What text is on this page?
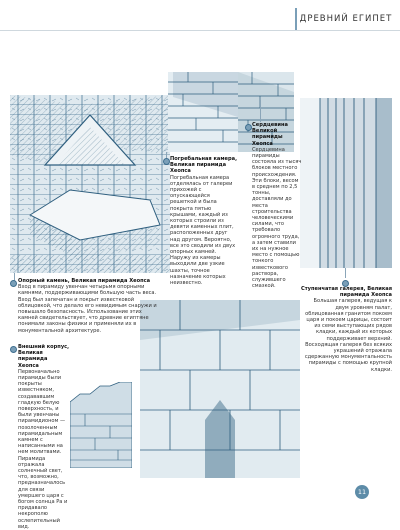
ДРЕВНИЙ ЕГИПЕТ
Опорный камень, Великая пирамида Хеопса
Вход в пирамиду увенчан четырьмя опорными камнями, поддерживающими большую часть веса. Вход был запечатан и покрыт известковой облицовкой, что делало его невидимым снаружи и повышало безопасность. Использование этих камней свидетельствует, что древние египтяне понимали законы физики и применяли их в монументальной архитектуре.
Внешний корпус, Великая пирамида Хеопса
Первоначально пирамиды были покрыты известняком, создававшим гладкую белую поверхность, и были увенчаны пирамидионом — позолоченным пирамидальным камнем с написанными на нем молитвами. Пирамида отражала солнечный свет, что, возможно, предназначалось для связи умершего царя с богом солнца Ра и придавало некрополю ослепительный вид.
Погребальная камера, Великая пирамида Хеопса
Погребальная камера отделялась от галереи прихожей с опускающейся решеткой и была покрыта пятью крышами, каждый из которых строили из девяти каменных плит, расположенных друг над другом. Вероятно, все это сводили из двух опорных камней. Наружу из камеры выходили две узкие шахты, точное назначение которых неизвестно.
Сердцевина Великой пирамиды Хеопса
Сердцевина пирамиды состояла из тысяч блоков местного происхождения. Эти блоки, весом в среднем по 2,5 тонны, доставляли до места строительства человеческими силами, что требовало огромного труда, а затем ставили их на нужное место с помощью тонкого известкового раствора, служившего смазкой.	Ступенчатая галерея, Великая пирамида Хеопса
Большая галерея, ведущая к двум уровням палат, облицованная гранитом покоем царя и покоем царицы, состоит из семи выступающих рядов кладки, каждый из которых поддерживает верхний. Восходящая галерея без всяких украшений отражала сдержанную монументальность пирамиды с помощью крупной кладки.
11
